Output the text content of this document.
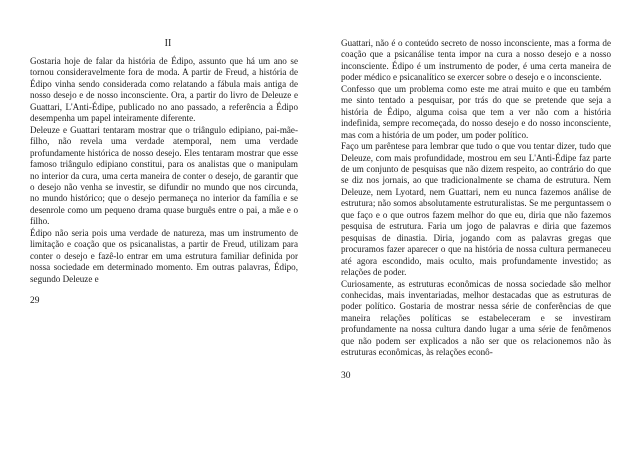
II

Gostaria hoje de falar da história de Édipo, assunto que há um ano se tornou consideravelmente fora de moda. A partir de Freud, a história de Édipo vinha sendo considerada como relatando a fábula mais antiga de nosso desejo e de nosso inconsciente. Ora, a partir do livro de Deleuze e Guattari, L'Anti-Édipe, publicado no ano passado, a referência a Édipo desempenha um papel inteiramente diferente.

Deleuze e Guattari tentaram mostrar que o triângulo edipiano, pai-mãe-filho, não revela uma verdade atemporal, nem uma verdade profundamente histórica de nosso desejo. Eles tentaram mostrar que esse famoso triângulo edipiano constitui, para os analistas que o manipulam no interior da cura, uma certa maneira de conter o desejo, de garantir que o desejo não venha se investir, se difundir no mundo que nos circunda, no mundo histórico; que o desejo permaneça no interior da família e se desenrole como um pequeno drama quase burguês entre o pai, a mãe e o filho.

Édipo não seria pois uma verdade de natureza, mas um instrumento de limitação e coação que os psicanalistas, a partir de Freud, utilizam para conter o desejo e fazê-lo entrar em uma estrutura familiar definida por nossa sociedade em determinado momento. Em outras palavras, Édipo, segundo Deleuze e

29

Guattari, não é o conteúdo secreto de nosso inconsciente, mas a forma de coação que a psicanálise tenta impor na cura a nosso desejo e a nosso inconsciente. Édipo é um instrumento de poder, é uma certa maneira de poder médico e psicanalítico se exercer sobre o desejo e o inconsciente.

Confesso que um problema como este me atrai muito e que eu também me sinto tentado a pesquisar, por trás do que se pretende que seja a história de Édipo, alguma coisa que tem a ver não com a história indefinida, sempre recomeçada, do nosso desejo e do nosso inconsciente, mas com a história de um poder, um poder político.

Faço um parêntese para lembrar que tudo o que vou tentar dizer, tudo que Deleuze, com mais profundidade, mostrou em seu L'Anti-Édipe faz parte de um conjunto de pesquisas que não dizem respeito, ao contrário do que se diz nos jornais, ao que tradicionalmente se chama de estrutura. Nem Deleuze, nem Lyotard, nem Guattari, nem eu nunca fazemos análise de estrutura; não somos absolutamente estruturalistas. Se me perguntassem o que faço e o que outros fazem melhor do que eu, diria que não fazemos pesquisa de estrutura. Faria um jogo de palavras e diria que fazemos pesquisas de dinastia. Diria, jogando com as palavras gregas que procuramos fazer aparecer o que na história de nossa cultura permaneceu até agora escondido, mais oculto, mais profundamente investido; as relações de poder.

Curiosamente, as estruturas econômicas de nossa sociedade são melhor conhecidas, mais inventariadas, melhor destacadas que as estruturas de poder político. Gostaria de mostrar nessa série de conferências de que maneira relações políticas se estabeleceram e se investiram profundamente na nossa cultura dando lugar a uma série de fenômenos que não podem ser explicados a não ser que os relacionemos não às estruturas econômicas, às relações econô-

30
